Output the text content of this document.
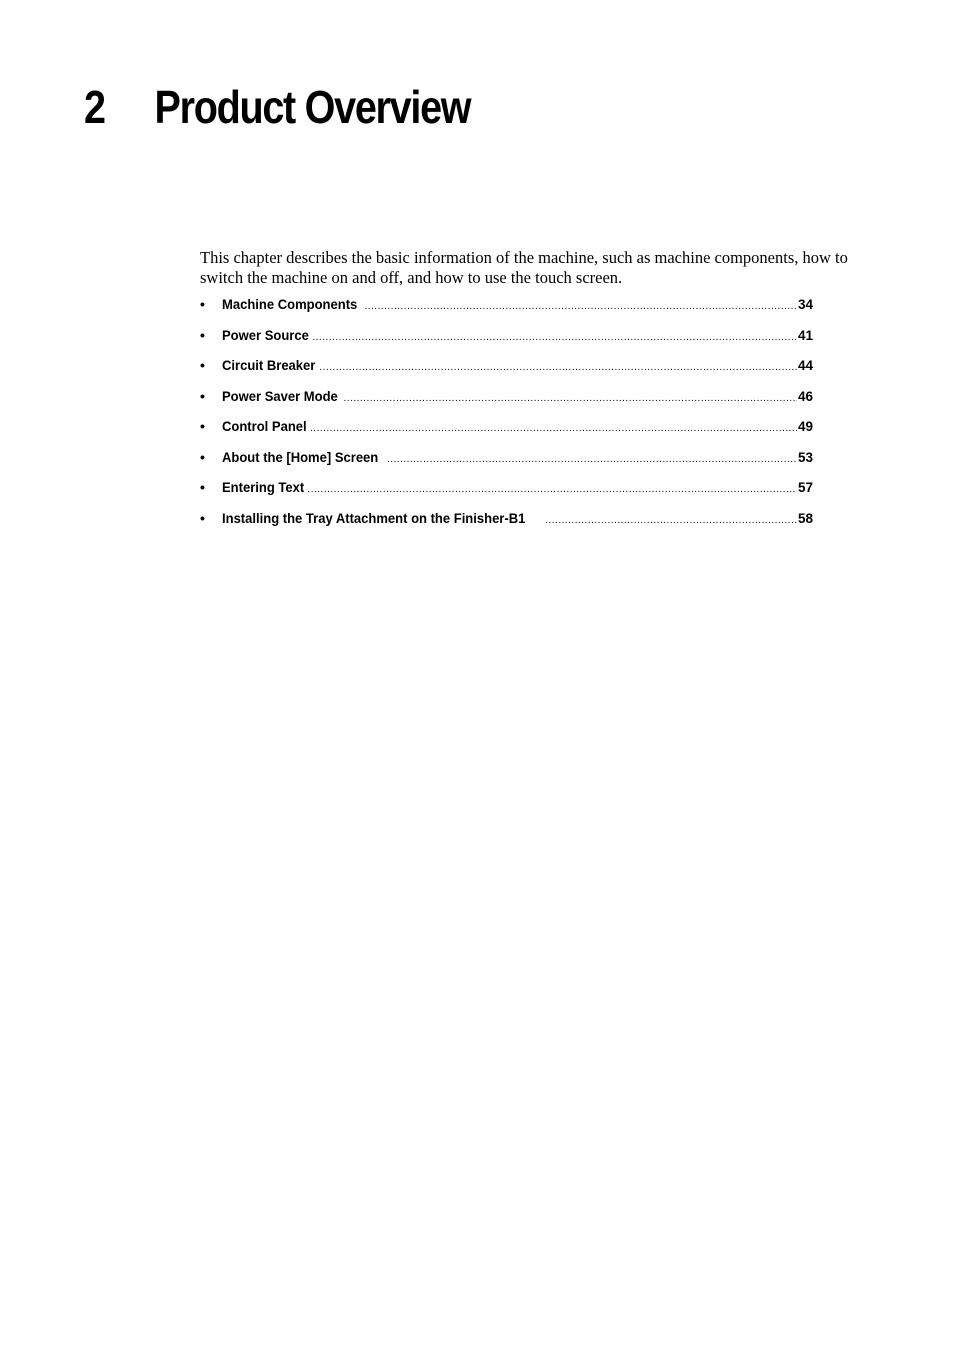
2	Product Overview

This chapter describes the basic information of the machine, such as machine components, how to switch the machine on and off, and how to use the touch screen.

•	Machine Components .....	34
•	Power Source .....	41
•	Circuit Breaker .....	44
•	Power Saver Mode .....	46
•	Control Panel .....	49
•	About the [Home] Screen .....	53
•	Entering Text .....	57
•	Installing the Tray Attachment on the Finisher-B1 .....	58
